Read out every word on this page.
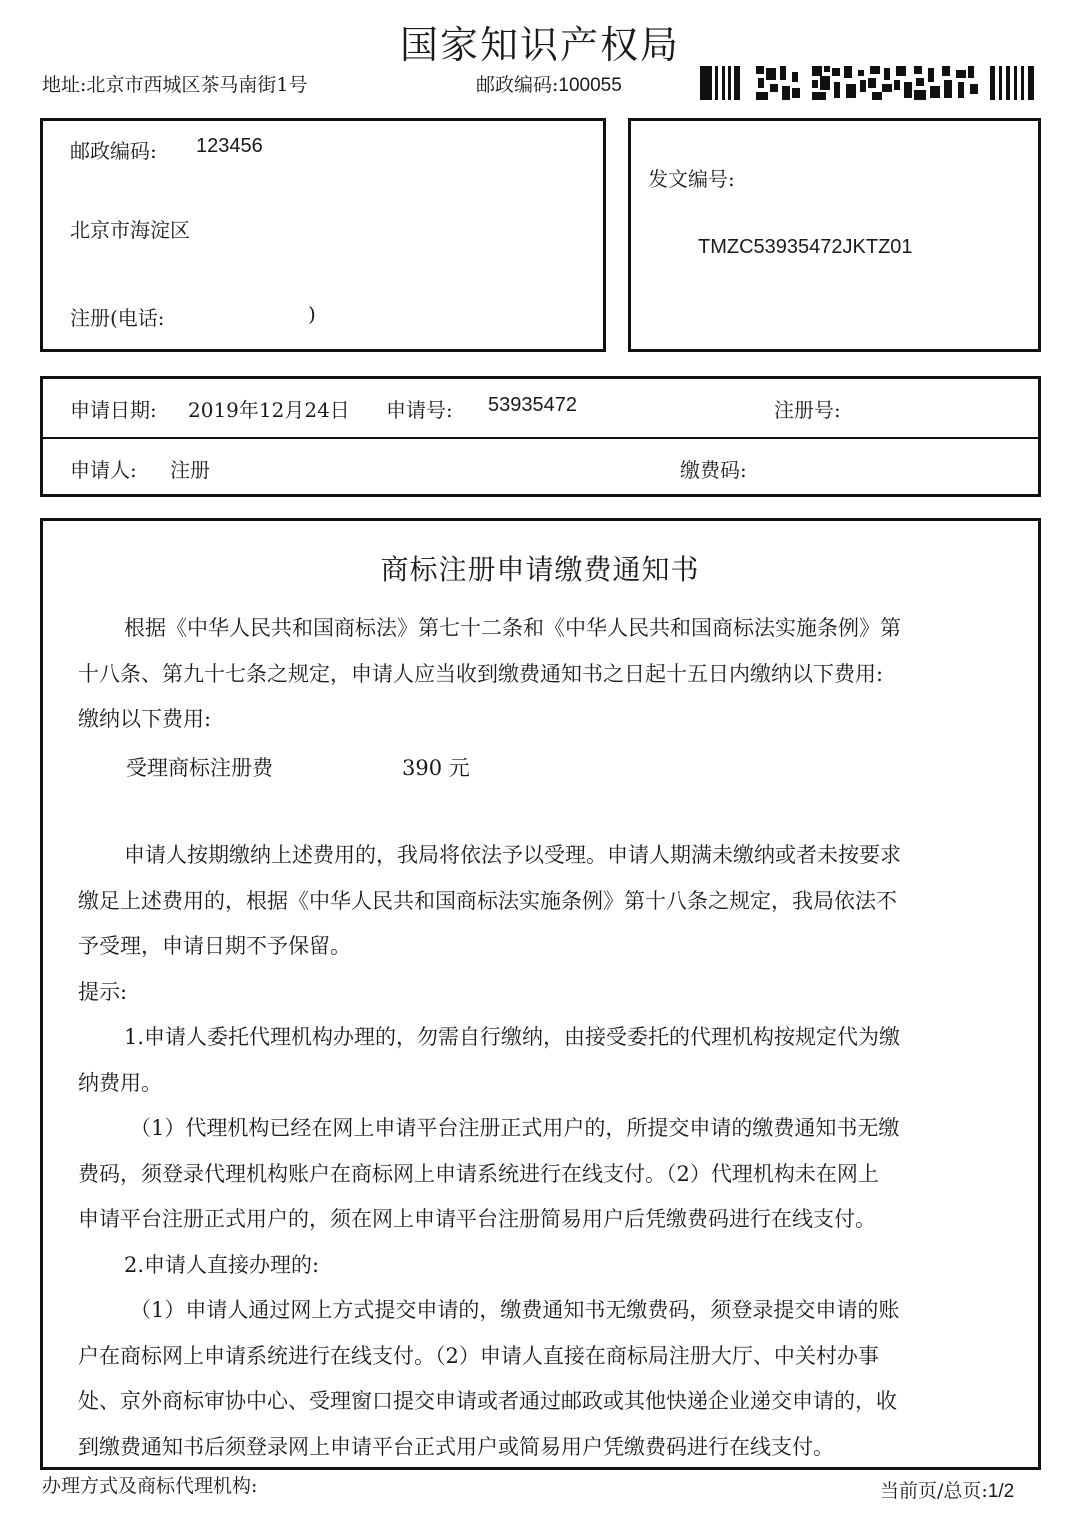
国家知识产权局
地址:北京市西城区茶马南街1号	邮政编码:100055
邮政编码: 123456
北京市海淀区
注册(电话:	)
发文编号:
TMZC53935472JKTZ01
申请日期: 2019年12月24日 申请号: 53935472	注册号:
申请人: 注册	缴费码:
商标注册申请缴费通知书
根据《中华人民共和国商标法》第七十二条和《中华人民共和国商标法实施条例》第
十八条、第九十七条之规定，申请人应当收到缴费通知书之日起十五日内缴纳以下费用:
缴纳以下费用:
受理商标注册费	390 元
申请人按期缴纳上述费用的，我局将依法予以受理。申请人期满未缴纳或者未按要求
缴足上述费用的，根据《中华人民共和国商标法实施条例》第十八条之规定，我局依法不
予受理，申请日期不予保留。
提示:
1.申请人委托代理机构办理的，勿需自行缴纳，由接受委托的代理机构按规定代为缴
纳费用。
（1）代理机构已经在网上申请平台注册正式用户的，所提交申请的缴费通知书无缴
费码，须登录代理机构账户在商标网上申请系统进行在线支付。（2）代理机构未在网上
申请平台注册正式用户的，须在网上申请平台注册简易用户后凭缴费码进行在线支付。
2.申请人直接办理的:
（1）申请人通过网上方式提交申请的，缴费通知书无缴费码，须登录提交申请的账
户在商标网上申请系统进行在线支付。（2）申请人直接在商标局注册大厅、中关村办事
处、京外商标审协中心、受理窗口提交申请或者通过邮政或其他快递企业递交申请的，收
到缴费通知书后须登录网上申请平台正式用户或简易用户凭缴费码进行在线支付。
办理方式及商标代理机构:	当前页/总页:1/2
